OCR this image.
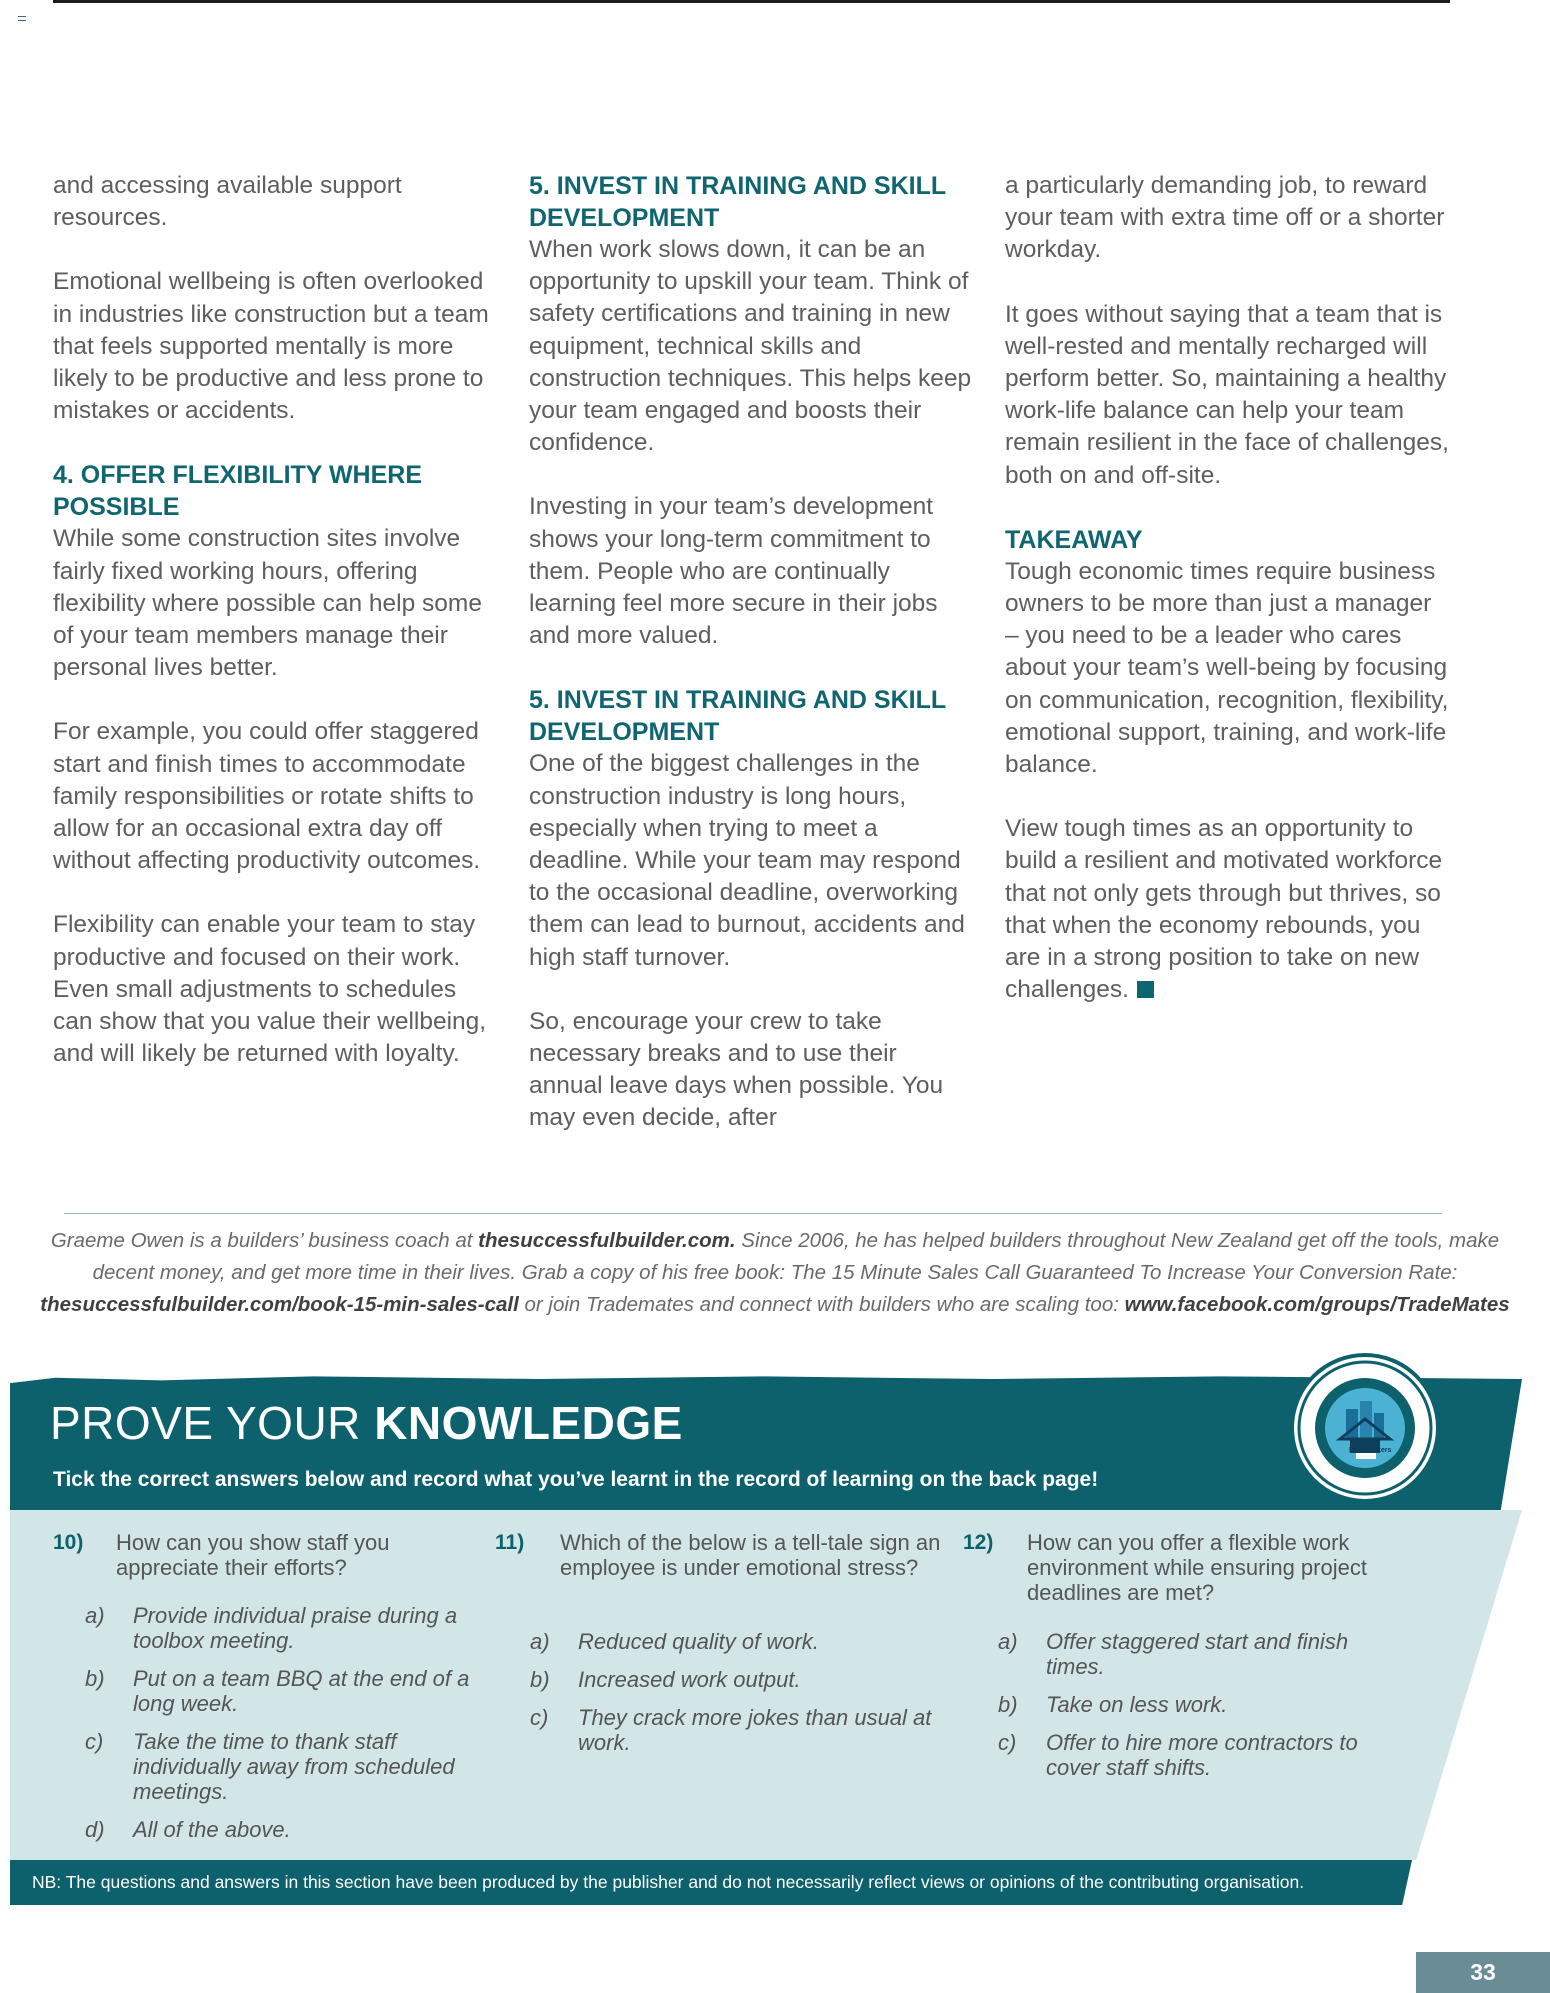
and accessing available support resources.

Emotional wellbeing is often overlooked in industries like construction but a team that feels supported mentally is more likely to be productive and less prone to mistakes or accidents.

4. OFFER FLEXIBILITY WHERE POSSIBLE

While some construction sites involve fairly fixed working hours, offering flexibility where possible can help some of your team members manage their personal lives better.

For example, you could offer staggered start and finish times to accommodate family responsibilities or rotate shifts to allow for an occasional extra day off without affecting productivity outcomes.

Flexibility can enable your team to stay productive and focused on their work. Even small adjustments to schedules can show that you value their wellbeing, and will likely be returned with loyalty.

5. INVEST IN TRAINING AND SKILL DEVELOPMENT

When work slows down, it can be an opportunity to upskill your team. Think of safety certifications and training in new equipment, technical skills and construction techniques. This helps keep your team engaged and boosts their confidence.

Investing in your team’s development shows your long-term commitment to them. People who are continually learning feel more secure in their jobs and more valued.

5. INVEST IN TRAINING AND SKILL DEVELOPMENT

One of the biggest challenges in the construction industry is long hours, especially when trying to meet a deadline. While your team may respond to the occasional deadline, overworking them can lead to burnout, accidents and high staff turnover.

So, encourage your crew to take necessary breaks and to use their annual leave days when possible. You may even decide, after

a particularly demanding job, to reward your team with extra time off or a shorter workday.

It goes without saying that a team that is well-rested and mentally recharged will perform better. So, maintaining a healthy work-life balance can help your team remain resilient in the face of challenges, both on and off-site.

TAKEAWAY

Tough economic times require business owners to be more than just a manager – you need to be a leader who cares about your team’s well-being by focusing on communication, recognition, flexibility, emotional support, training, and work-life balance.

View tough times as an opportunity to build a resilient and motivated workforce that not only gets through but thrives, so that when the economy rebounds, you are in a strong position to take on new challenges.

Graeme Owen is a builders’ business coach at thesuccessfulbuilder.com. Since 2006, he has helped builders throughout New Zealand get off the tools, make decent money, and get more time in their lives. Grab a copy of his free book: The 15 Minute Sales Call Guaranteed To Increase Your Conversion Rate: thesuccessfulbuilder.com/book-15-min-sales-call or join Trademates and connect with builders who are scaling too: www.facebook.com/groups/TradeMates
PROVE YOUR KNOWLEDGE
Tick the correct answers below and record what you’ve learnt in the record of learning on the back page!
PlaceMakers
10) How can you show staff you appreciate their efforts?
a) Provide individual praise during a toolbox meeting.
b) Put on a team BBQ at the end of a long week.
c) Take the time to thank staff individually away from scheduled meetings.
d) All of the above.
11) Which of the below is a tell-tale sign an employee is under emotional stress?
a) Reduced quality of work.
b) Increased work output.
c) They crack more jokes than usual at work.
12) How can you offer a flexible work environment while ensuring project deadlines are met?
a) Offer staggered start and finish times.
b) Take on less work.
c) Offer to hire more contractors to cover staff shifts.
NB: The questions and answers in this section have been produced by the publisher and do not necessarily reflect views or opinions of the contributing organisation.
33
